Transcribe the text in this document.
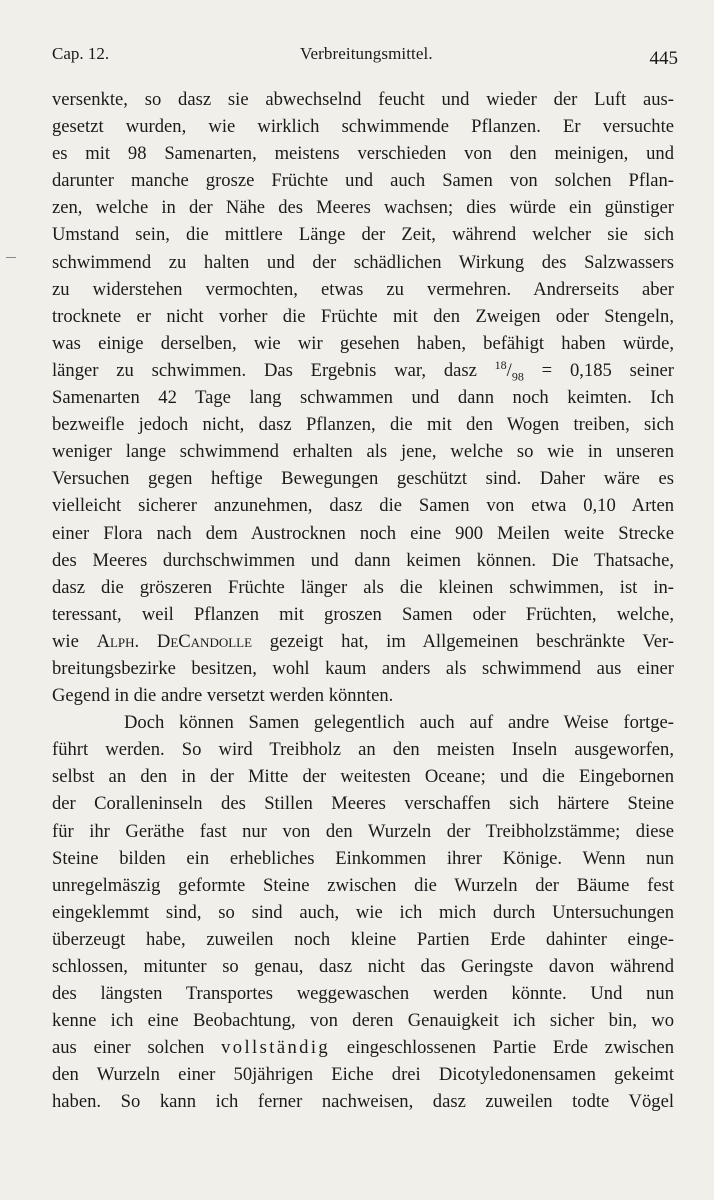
Cap. 12.	Verbreitungsmittel.	445
versenkte, so dasz sie abwechselnd feucht und wieder der Luft aus-
gesetzt wurden, wie wirklich schwimmende Pflanzen. Er versuchte
es mit 98 Samenarten, meistens verschieden von den meinigen, und
darunter manche grosze Früchte und auch Samen von solchen Pflan-
zen, welche in der Nähe des Meeres wachsen; dies würde ein günstiger
Umstand sein, die mittlere Länge der Zeit, während welcher sie sich
schwimmend zu halten und der schädlichen Wirkung des Salzwassers
zu widerstehen vermochten, etwas zu vermehren. Andrerseits aber
trocknete er nicht vorher die Früchte mit den Zweigen oder Stengeln,
was einige derselben, wie wir gesehen haben, befähigt haben würde,
länger zu schwimmen. Das Ergebnis war, dasz $^{18}/_{98} = 0,185$ seiner
Samenarten 42 Tage lang schwammen und dann noch keimten. Ich
bezweifle jedoch nicht, dasz Pflanzen, die mit den Wogen treiben, sich
weniger lange schwimmend erhalten als jene, welche so wie in unseren
Versuchen gegen heftige Bewegungen geschützt sind. Daher wäre es
vielleicht sicherer anzunehmen, dasz die Samen von etwa 0,10 Arten
einer Flora nach dem Austrocknen noch eine 900 Meilen weite Strecke
des Meeres durchschwimmen und dann keimen können. Die Thatsache,
dasz die gröszeren Früchte länger als die kleinen schwimmen, ist in-
teressant, weil Pflanzen mit groszen Samen oder Früchten, welche,
wie Alph. DeCandolle gezeigt hat, im Allgemeinen beschränkte Ver-
breitungsbezirke besitzen, wohl kaum anders als schwimmend aus einer
Gegend in die andre versetzt werden könnten.
Doch können Samen gelegentlich auch auf andre Weise fortge-
führt werden. So wird Treibholz an den meisten Inseln ausgeworfen,
selbst an den in der Mitte der weitesten Oceane; und die Eingebornen
der Coralleninseln des Stillen Meeres verschaffen sich härtere Steine
für ihr Geräthe fast nur von den Wurzeln der Treibholzstämme; diese
Steine bilden ein erhebliches Einkommen ihrer Könige. Wenn nun
unregelmäszig geformte Steine zwischen die Wurzeln der Bäume fest
eingeklemmt sind, so sind auch, wie ich mich durch Untersuchungen
überzeugt habe, zuweilen noch kleine Partien Erde dahinter einge-
schlossen, mitunter so genau, dasz nicht das Geringste davon während
des längsten Transportes weggewaschen werden könnte. Und nun
kenne ich eine Beobachtung, von deren Genauigkeit ich sicher bin, wo
aus einer solchen vollständig eingeschlossenen Partie Erde zwischen
den Wurzeln einer 50jährigen Eiche drei Dicotyledonensamen gekeimt
haben. So kann ich ferner nachweisen, dasz zuweilen todte Vögel
